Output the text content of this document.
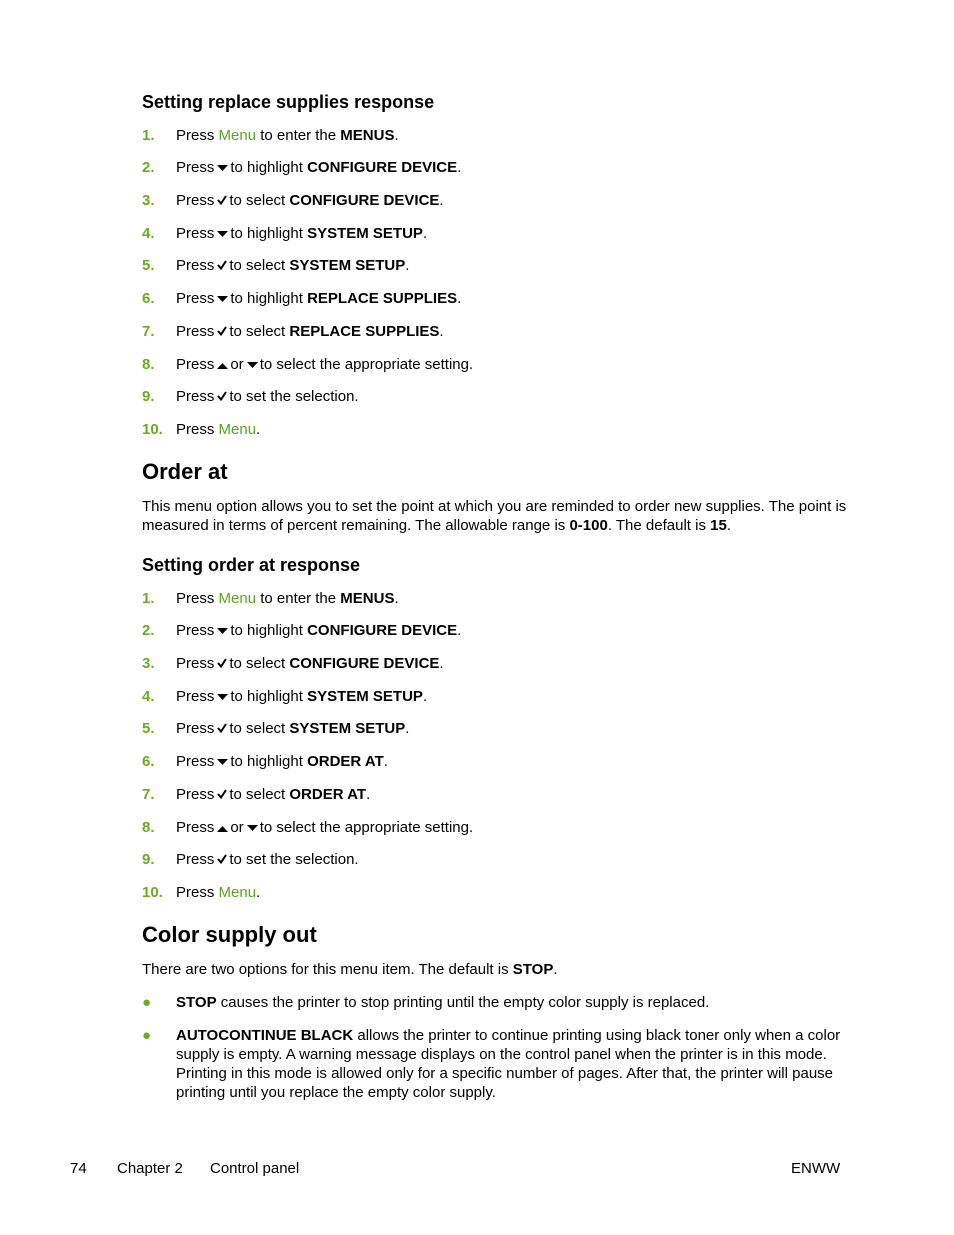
Setting replace supplies response
1. Press Menu to enter the MENUS.
2. Press to highlight CONFIGURE DEVICE.
3. Press to select CONFIGURE DEVICE.
4. Press to highlight SYSTEM SETUP.
5. Press to select SYSTEM SETUP.
6. Press to highlight REPLACE SUPPLIES.
7. Press to select REPLACE SUPPLIES.
8. Press or to select the appropriate setting.
9. Press to set the selection.
10. Press Menu.
Order at
This menu option allows you to set the point at which you are reminded to order new supplies. The point is measured in terms of percent remaining. The allowable range is 0-100. The default is 15.
Setting order at response
1. Press Menu to enter the MENUS.
2. Press to highlight CONFIGURE DEVICE.
3. Press to select CONFIGURE DEVICE.
4. Press to highlight SYSTEM SETUP.
5. Press to select SYSTEM SETUP.
6. Press to highlight ORDER AT.
7. Press to select ORDER AT.
8. Press or to select the appropriate setting.
9. Press to set the selection.
10. Press Menu.
Color supply out
There are two options for this menu item. The default is STOP.
● STOP causes the printer to stop printing until the empty color supply is replaced.
● AUTOCONTINUE BLACK allows the printer to continue printing using black toner only when a color supply is empty. A warning message displays on the control panel when the printer is in this mode. Printing in this mode is allowed only for a specific number of pages. After that, the printer will pause printing until you replace the empty color supply.
74 Chapter 2 Control panel	ENWW
